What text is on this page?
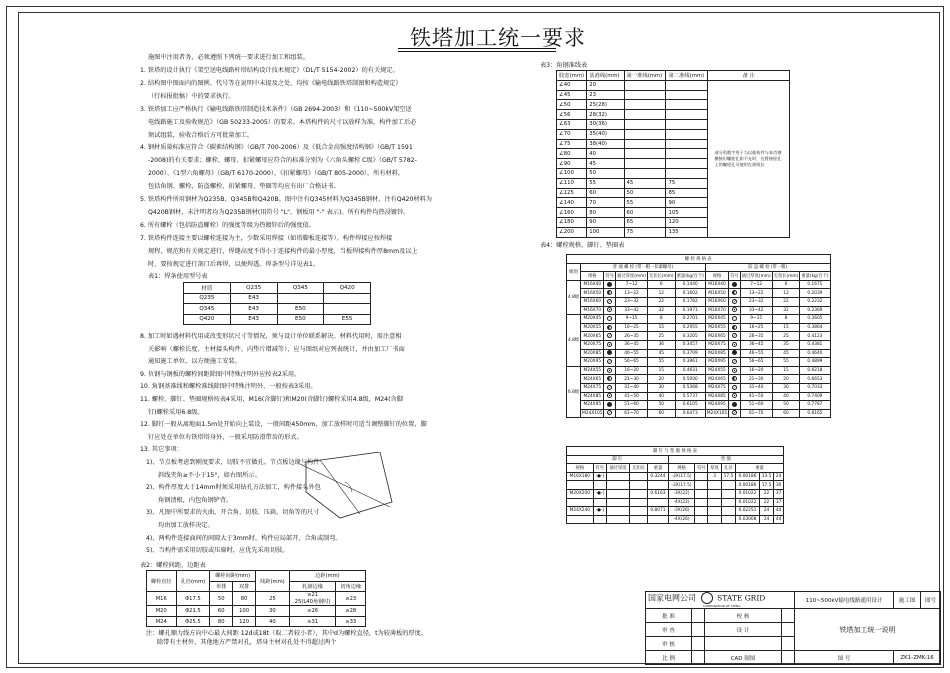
铁塔加工统一要求
施图中注用者务，必须遵照下列统一要求进行加工和组装。
1. 铁塔的设计执行《架空送电线路杆塔结构设计技术规定》（DL/T 5154-2002）的有关规定。
2. 结构图中图面内的图例、代号等在说明中未提及之处，均按《输电线路铁塔制图和构造规定》
（行标报批稿）中的要求执行。
3. 铁塔加工应严格执行《输电线路铁塔制造技术条件》（GB 2694-2003）和《110~500kV架空送
电线路施工及验收规范》（GB 50233-2005）的要求。本塔构件的尺寸以放样为准，构件加工后必
须试组装，验收合格后方可批量加工。
4. 钢材质量标准应符合《碳素结构钢》（GB/T 700-2006）及《低合金高强度结构钢》（GB/T 1591
-2008)的有关要求；螺栓、螺母、扣紧螺母应符合的标准分别为《六角头螺栓 C级》（GB/T 5782-
2000）、《1型六角螺母》（GB/T 6170-2000）、《扣紧螺母》（GB/T 805-2000），所有材料，
包括角钢、螺栓、防盗螺栓、扣紧螺母、垫圈等均应有出厂合格证书。
5. 铁塔构件所用钢材为Q235B、Q345B和Q420B。图中注有Q345材料为Q345B钢材，注有Q420材料为
Q420B钢材，未注明者均为Q235B钢材(用符号 "L"，钢板用 "-" 表示)。所有构件均热浸镀锌。
6. 所有螺栓（包括防盗螺栓）的强度等级为热镀锌后的强度值。
7. 铁塔构件连接主要以螺栓连接为主，少数采用焊接（如塔脚板连接等）。构件焊接应按焊接
规程、规范和有关规定进行，焊缝高度不得小于连接构件的最小厚度，当板焊接构件厚8mm及以上
时，要按规定进行剖口后再焊，以便焊透。焊条型号详见表1。
表1：焊条使用型号表
材质	Q235	Q345	Q420
Q235	E43		
Q345	E43	E50	
Q420	E43	E50	E55
8. 加工时如遇材料代用或改变形状尺寸等情况，须与设计单位联系解决。材料代用时，需注意相
关影响（螺栓长度、主材接头构件、内垫片增减等），应与图纸对应列表统计，并由加工厂书面
通知施工单位，以方便施工安装。
9. 负钢与钢板的螺栓间距除图中特殊注明外应按表2采用。
10. 角钢基准线和螺栓准线除图中特殊注明外，一般按表3采用。
11. 螺栓、脚钉、垫圈规格按表4采用，M16(含脚钉)和M20(含脚钉)螺栓采用4.8级，M24(含脚
钉)螺栓采用6.8级。
12. 脚钉一般从离地面1.5m处开始向上装设，一般间距450mm，加工放样时可适当调整脚钉的位置，脚
钉应处在单位有铁塔塔身外，一般采用防滑带齿的形式。
13. 其它事项：
1)、节点板考虑到刚度要求，切肢不宜做孔。节点板边缘与构件
斜线夹角≥不小于15°，如右图所示。
2)、构件厚度大于14mm时须采用钻孔方法加工，构件接头外包
角钢清根，内包角钢铲背。
3)、凡图中所要求的火曲、开合角、切肢、压扁、切角等的尺寸
均由加工放样决定。
4)、两构件连接面间的间隙大于3mm时，构件应局部开、合角或制弯。
5)、当构件需采用切肢或压扁时，应优先采用切肢。
表2：螺栓间距、边距表
螺栓直径	孔径(mm)	螺栓间距(mm)		线距(mm)	边距(mm)	
		单排	双排		轧制边缘	切角边缘
M16	Φ17.5	50	80	25	≥21
25(L40角钢时)	≥23
M20	Φ21.5	60	100	30	≥26	≥28
M24	Φ25.5	80	120	40	≥31	≥33
注：螺孔顺力线方向中心最大间距 12d或18t（取二者较小者），其中d为螺栓直径，t为较薄板的厚度。
除带有主材外，其他地方严禁对孔，塔身主材对孔处不得超过两个
表3：角钢准线表
肢宽(mm)	基准线(mm)	第一准线(mm)	第二准线(mm)	备 注
∠40	20			部分角数字用于当以他构件与本肖钢横接但螺栓孔如不允时，在将接栓孔上的螺栓孔可使用在准线位
∠45	23			
∠50	25(28)			
∠56	28(32)			
∠63	30(36)			
∠70	35(40)			
∠75	38(40)			
∠80	40			
∠90	45			
∠100	50			
∠110	55	45	75	
∠125	60	50	85	
∠140	70	55	90	
∠160	80	60	105	
∠180	90	65	120	
∠200	100	75	135	
表4：螺栓规格、脚钉、垫圈表
螺 栓 规 格 表										
级别	普 通 螺 栓 (带一帽一扣紧螺母)					防 盗 螺 栓 (带一帽)				
	规格	符号	通过厚度(mm)	无扣长(mm)	重量(kg/百个)	规格	符号	通过厚度(mm)	无扣长(mm)	重量(kg/百个)
4.8级	M16X40		7~12	6	0.1440	M16X40		7~12	6	0.1675
	M16X50		13~22	12	0.1602	M16X50		13~22	12	0.2039
	M16X60		23~32	22	0.1782	M16X60		23~32	22	0.2232
	M16X70		33~42	32	0.1971	M16X70		33~42	32	0.2369
4.8级	M20X45		9~15	8	0.2701	M20X45		9~15	8	0.3605
	M20X55		16~25	15	0.2955	M20X55		16~25	15	0.3864
	M20X65		26~35	25	0.3205	M20X65		26~35	25	0.4123
	M20X75		36~45	36	0.3457	M20X75		36~45	35	0.4381
	M20X85		46~55	45	0.3709	M20X85		46~55	45	0.4640
	M20X95		56~65	55	0.3961	M20X95		56~65	55	0.4899
6.8级	M24X55		16~20	15	0.4631	M24X55		16~20	15	0.6218
	M24X65		21~30	20	0.5000	M24X65		21~30	20	0.6653
	M24X75		31~40	30	0.5368	M24X75		31~40	30	0.7033
	M24X85		41~50	40	0.5737	M24X85		41~50	40	0.7409
	M24X95		51~60	50	0.6105	M24X95		51~60	50	0.7787
	M24X105		61~70	60	0.6473	M24X105		61~70	60	0.8165
脚 钉 与 垫 圈 规 格 表											
脚 钉					垫 圈						
规格	符号	通过厚度	无扣长	重量	规格	符号	厚度	孔径	重量		
M16X180	-●-|			0.3244	-3X(17.5)		3	17.5	0.00186	13.5	24
					-3X(17.5)				0.00186	17.5	30
M20X200	-●-|			0.6163	-3X(22)				0.01022	22	37
					-4X(22)				0.01022	22	37
M24X240	-●-|			0.8071	-3X(26)				0.02251	24	44
					-4X(26)				0.03008	24	44
国家电网公司 STATE GRID
CORPORATION OF CHINA				110~500kV输电线路通用设计	施工图	图号
批 准		校 核		铁塔加工统一说明		
审 查		设 计				
审 核						
比 例		CAD 制图		图 号	ZK1-ZMK-16	
